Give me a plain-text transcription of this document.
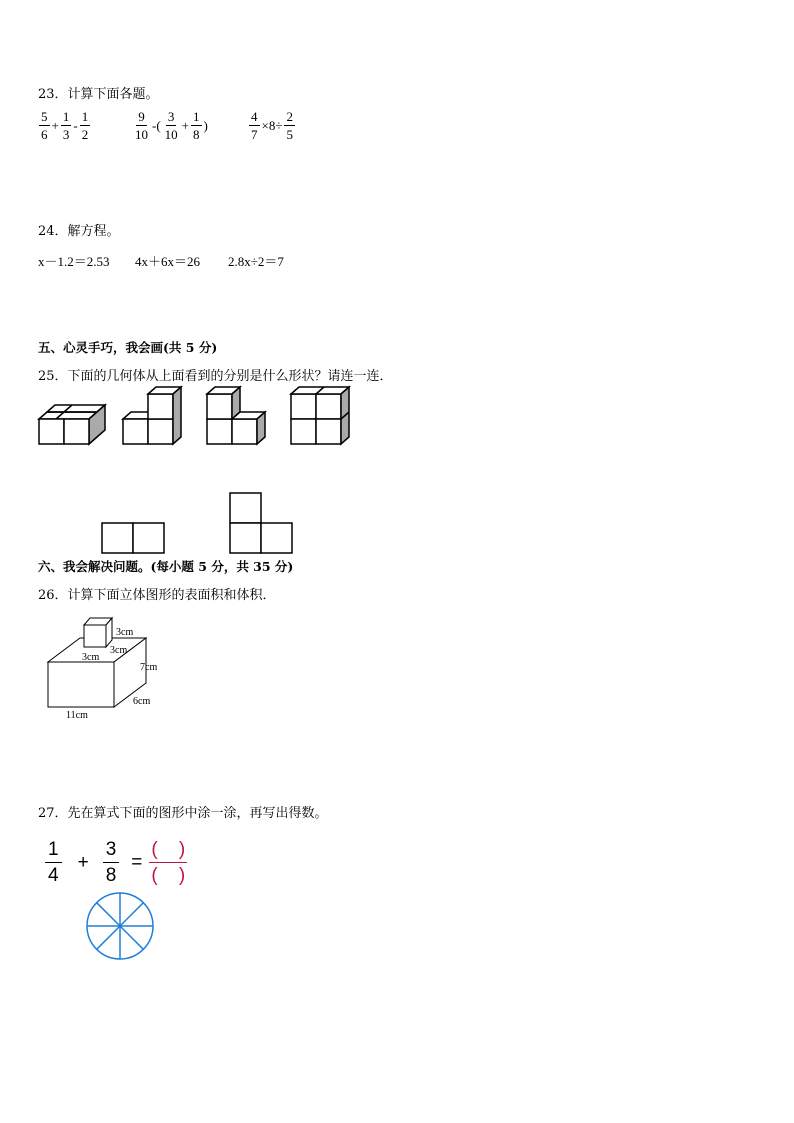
23．计算下面各题。
$\frac{5}{6} + \frac{1}{3} - \frac{1}{2}$	$\frac{9}{10}$ -( $\frac{3}{10} + \frac{1}{8}$ )	$\frac{4}{7} \times 8\div \frac{2}{5}$
24．解方程。
x－1.2＝2.53 4x＋6x＝26 2.8x÷2＝7
五、心灵手巧，我会画(共 5 分)
25．下面的几何体从上面看到的分别是什么形状？请连一连．
六、我会解决问题。(每小题 5 分，共 35 分)
26．计算下面立体图形的表面积和体积．
3cm
3cm
3cm
7cm
6cm
11cm
27．先在算式下面的图形中涂一涂，再写出得数。
$\frac{1}{4} + \frac{3}{8} = \frac{( )}{( )}$
